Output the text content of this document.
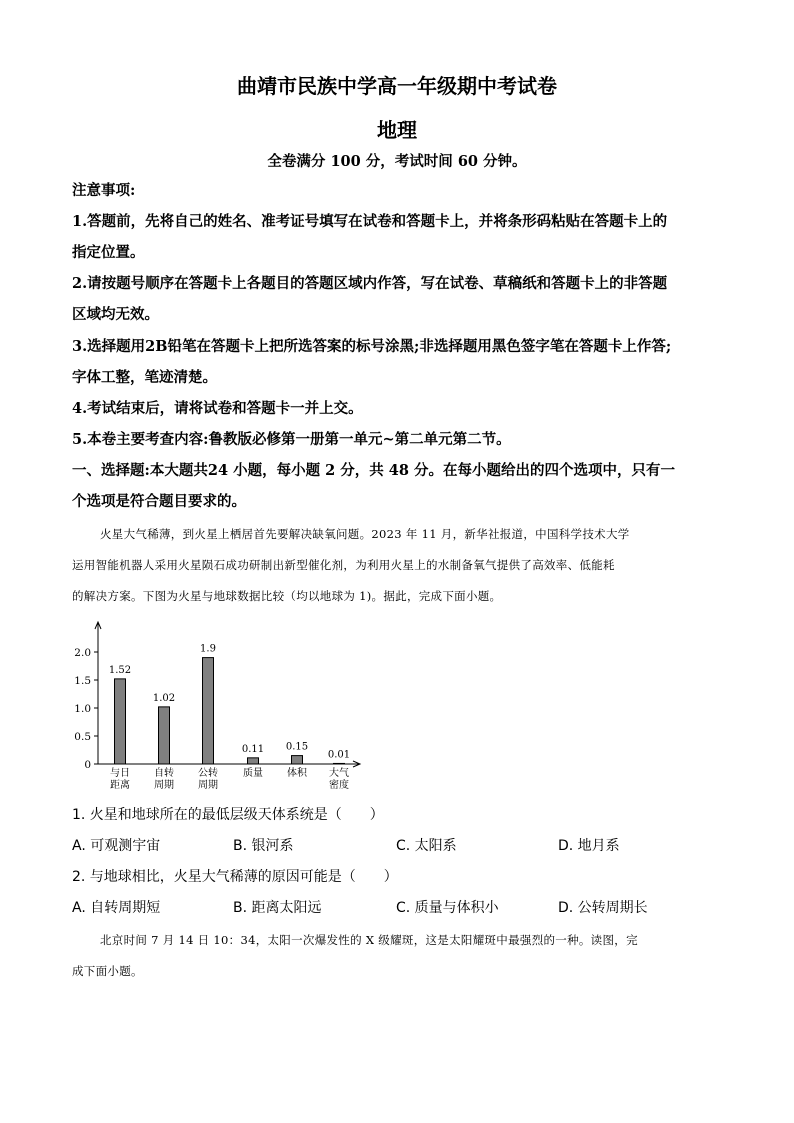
曲靖市民族中学高一年级期中考试卷
地理
全卷满分 100 分，考试时间 60 分钟。
注意事项:
1.答题前，先将自己的姓名、准考证号填写在试卷和答题卡上，并将条形码粘贴在答题卡上的
指定位置。
2.请按题号顺序在答题卡上各题目的答题区域内作答，写在试卷、草稿纸和答题卡上的非答题
区域均无效。
3.选择题用2B铅笔在答题卡上把所选答案的标号涂黑;非选择题用黑色签字笔在答题卡上作答;
字体工整，笔迹清楚。
4.考试结束后，请将试卷和答题卡一并上交。
5.本卷主要考查内容:鲁教版必修第一册第一单元~第二单元第二节。
一、选择题:本大题共24 小题，每小题 2 分，共 48 分。在每小题给出的四个选项中，只有一
个选项是符合题目要求的。
火星大气稀薄，到火星上栖居首先要解决缺氧问题。2023 年 11 月，新华社报道，中国科学技术大学
运用智能机器人采用火星陨石成功研制出新型催化剂，为利用火星上的水制备氧气提供了高效率、低能耗
的解决方案。下图为火星与地球数据比较（均以地球为 1)。据此，完成下面小题。
0
0.5
1.0
1.5
2.0
1.52
与日
距离
1.02
自转
周期
1.9
公转
周期
0.11
质量
0.15
体积
0.01
大气
密度
1. 火星和地球所在的最低层级天体系统是（　　）
A. 可观测宇宙	B. 银河系	C. 太阳系	D. 地月系
2. 与地球相比，火星大气稀薄的原因可能是（　　）
A. 自转周期短	B. 距离太阳远	C. 质量与体积小	D. 公转周期长
北京时间 7 月 14 日 10：34，太阳一次爆发性的 X 级耀斑，这是太阳耀斑中最强烈的一种。读图，完
成下面小题。
